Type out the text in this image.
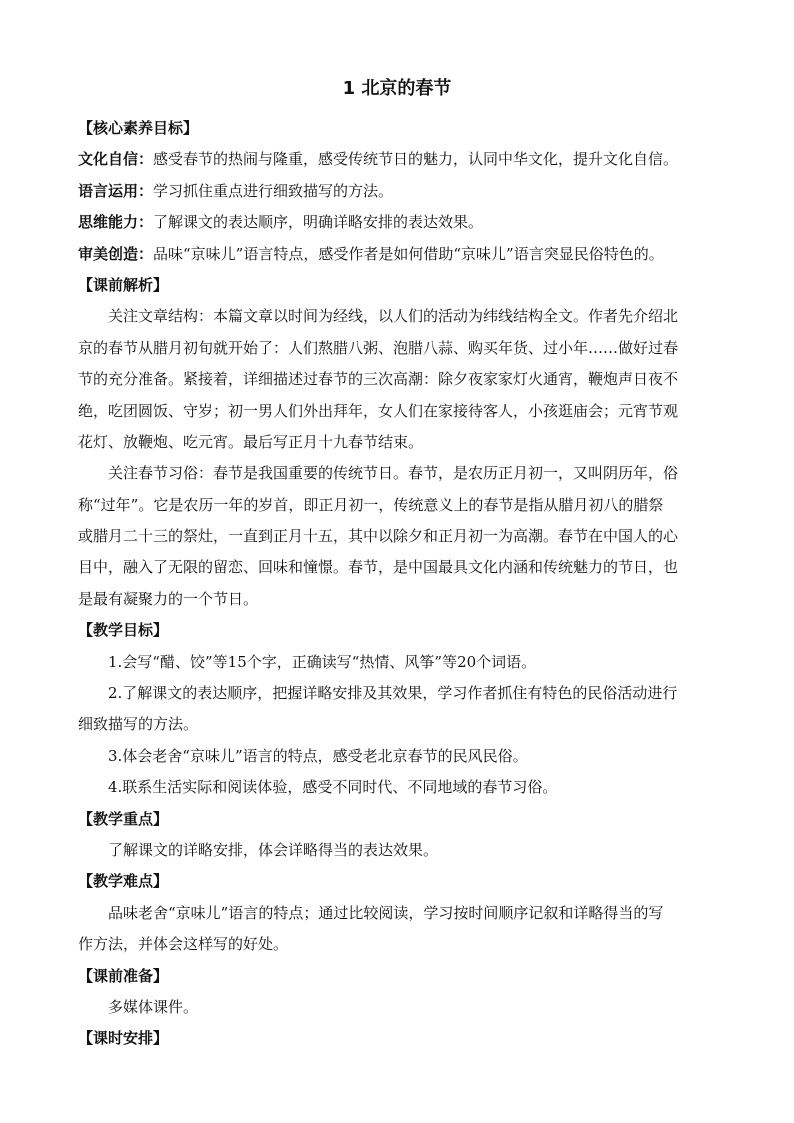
1 北京的春节
【核心素养目标】
文化自信：感受春节的热闹与隆重，感受传统节日的魅力，认同中华文化，提升文化自信。
语言运用：学习抓住重点进行细致描写的方法。
思维能力：了解课文的表达顺序，明确详略安排的表达效果。
审美创造：品味“京味儿”语言特点，感受作者是如何借助“京味儿”语言突显民俗特色的。
【课前解析】
关注文章结构：本篇文章以时间为经线，以人们的活动为纬线结构全文。作者先介绍北
京的春节从腊月初旬就开始了：人们熬腊八粥、泡腊八蒜、购买年货、过小年……做好过春
节的充分准备。紧接着，详细描述过春节的三次高潮：除夕夜家家灯火通宵，鞭炮声日夜不
绝，吃团圆饭、守岁；初一男人们外出拜年，女人们在家接待客人，小孩逛庙会；元宵节观
花灯、放鞭炮、吃元宵。最后写正月十九春节结束。
关注春节习俗：春节是我国重要的传统节日。春节，是农历正月初一，又叫阴历年，俗
称“过年”。它是农历一年的岁首，即正月初一，传统意义上的春节是指从腊月初八的腊祭
或腊月二十三的祭灶，一直到正月十五，其中以除夕和正月初一为高潮。春节在中国人的心
目中，融入了无限的留恋、回味和憧憬。春节，是中国最具文化内涵和传统魅力的节日，也
是最有凝聚力的一个节日。
【教学目标】
1.会写“醋、饺”等15个字，正确读写“热情、风筝”等20个词语。
2.了解课文的表达顺序，把握详略安排及其效果，学习作者抓住有特色的民俗活动进行
细致描写的方法。
3.体会老舍“京味儿”语言的特点，感受老北京春节的民风民俗。
4.联系生活实际和阅读体验，感受不同时代、不同地域的春节习俗。
【教学重点】
了解课文的详略安排，体会详略得当的表达效果。
【教学难点】
品味老舍“京味儿”语言的特点；通过比较阅读，学习按时间顺序记叙和详略得当的写
作方法，并体会这样写的好处。
【课前准备】
多媒体课件。
【课时安排】
